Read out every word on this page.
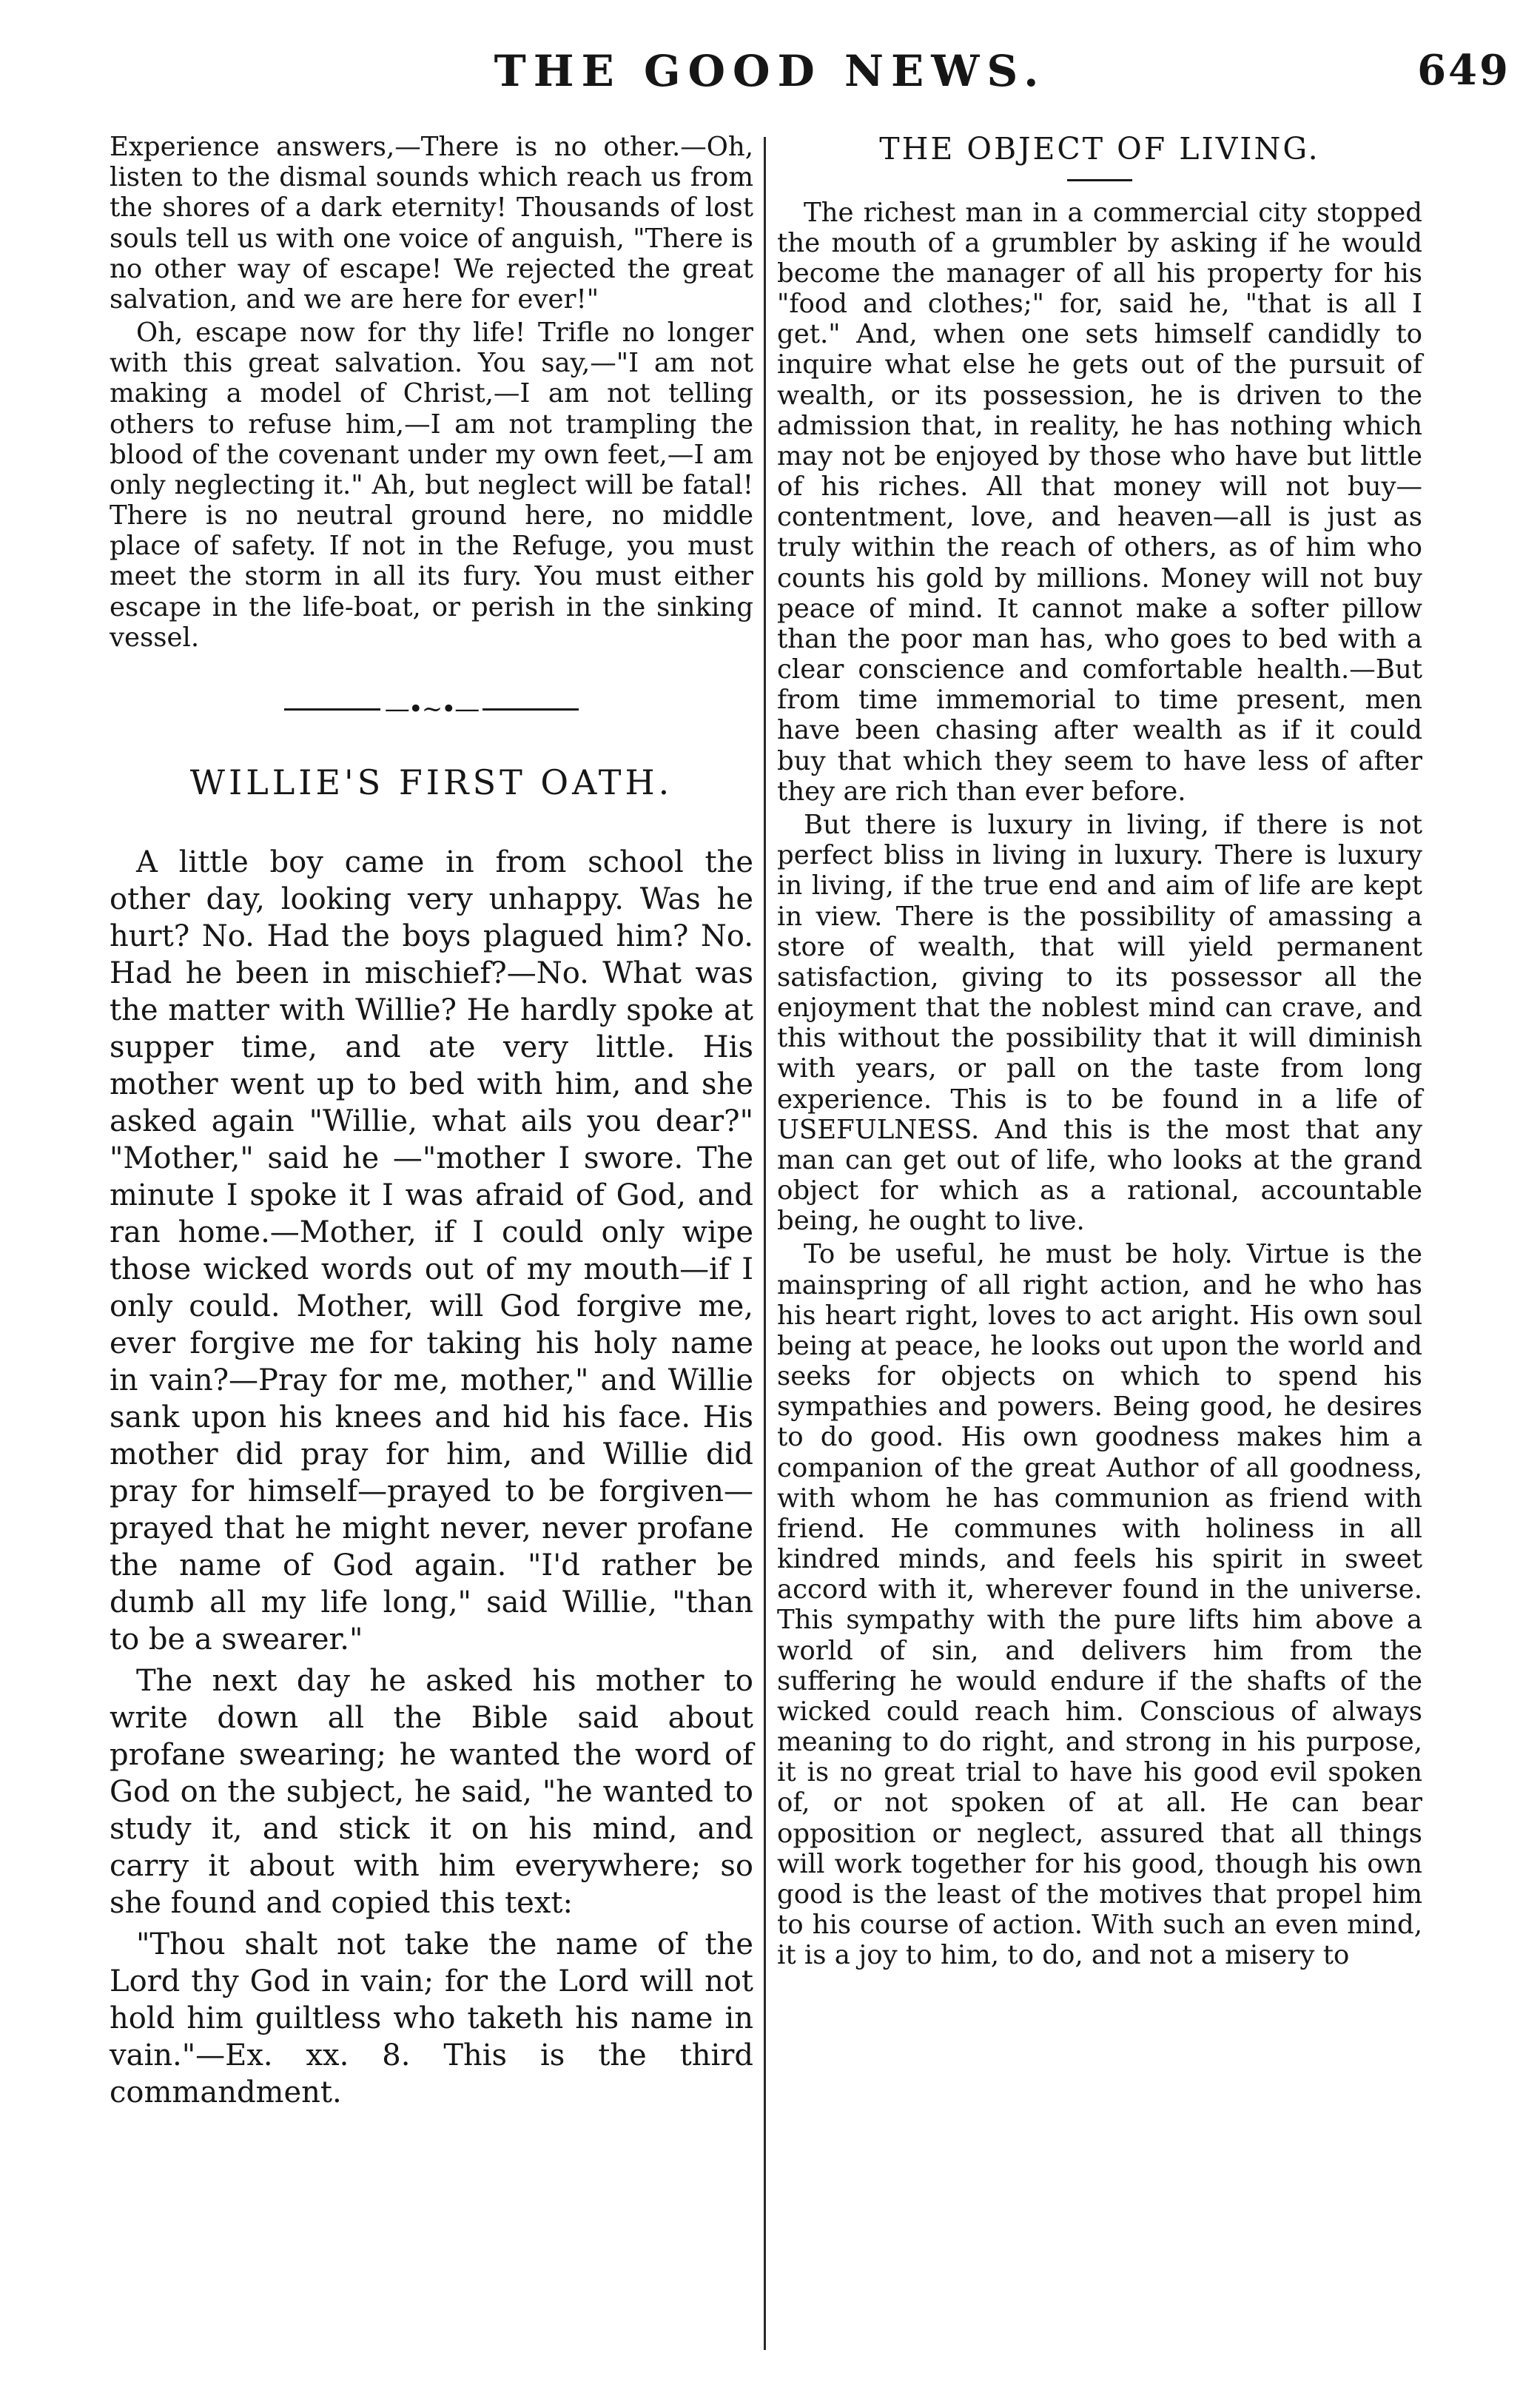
THE GOOD NEWS.	649

Experience answers,—There is no other.—Oh, listen to the dismal sounds which reach us from the shores of a dark eternity! Thousands of lost souls tell us with one voice of anguish, "There is no other way of escape! We rejected the great salvation, and we are here for ever!"

Oh, escape now for thy life! Trifle no longer with this great salvation. You say,—"I am not making a model of Christ,—I am not telling others to refuse him,—I am not trampling the blood of the covenant under my own feet,—I am only neglecting it." Ah, but neglect will be fatal! There is no neutral ground here, no middle place of safety. If not in the Refuge, you must meet the storm in all its fury. You must either escape in the life-boat, or perish in the sinking vessel.

—•~•—
WILLIE'S FIRST OATH.

A little boy came in from school the other day, looking very unhappy. Was he hurt? No. Had the boys plagued him? No. Had he been in mischief?—No. What was the matter with Willie? He hardly spoke at supper time, and ate very little. His mother went up to bed with him, and she asked again "Willie, what ails you dear?" "Mother," said he —"mother I swore. The minute I spoke it I was afraid of God, and ran home.—Mother, if I could only wipe those wicked words out of my mouth—if I only could. Mother, will God forgive me, ever forgive me for taking his holy name in vain?—Pray for me, mother," and Willie sank upon his knees and hid his face. His mother did pray for him, and Willie did pray for himself—prayed to be forgiven—prayed that he might never, never profane the name of God again. "I'd rather be dumb all my life long," said Willie, "than to be a swearer."

The next day he asked his mother to write down all the Bible said about profane swearing; he wanted the word of God on the subject, he said, "he wanted to study it, and stick it on his mind, and carry it about with him everywhere; so she found and copied this text:

"Thou shalt not take the name of the Lord thy God in vain; for the Lord will not hold him guiltless who taketh his name in vain."—Ex. xx. 8. This is the third commandment.

THE OBJECT OF LIVING.

The richest man in a commercial city stopped the mouth of a grumbler by asking if he would become the manager of all his property for his "food and clothes;" for, said he, "that is all I get." And, when one sets himself candidly to inquire what else he gets out of the pursuit of wealth, or its possession, he is driven to the admission that, in reality, he has nothing which may not be enjoyed by those who have but little of his riches. All that money will not buy—contentment, love, and heaven—all is just as truly within the reach of others, as of him who counts his gold by millions. Money will not buy peace of mind. It cannot make a softer pillow than the poor man has, who goes to bed with a clear conscience and comfortable health.—But from time immemorial to time present, men have been chasing after wealth as if it could buy that which they seem to have less of after they are rich than ever before.

But there is luxury in living, if there is not perfect bliss in living in luxury. There is luxury in living, if the true end and aim of life are kept in view. There is the possibility of amassing a store of wealth, that will yield permanent satisfaction, giving to its possessor all the enjoyment that the noblest mind can crave, and this without the possibility that it will diminish with years, or pall on the taste from long experience. This is to be found in a life of USEFULNESS. And this is the most that any man can get out of life, who looks at the grand object for which as a rational, accountable being, he ought to live.

To be useful, he must be holy. Virtue is the mainspring of all right action, and he who has his heart right, loves to act aright. His own soul being at peace, he looks out upon the world and seeks for objects on which to spend his sympathies and powers. Being good, he desires to do good. His own goodness makes him a companion of the great Author of all goodness, with whom he has communion as friend with friend. He communes with holiness in all kindred minds, and feels his spirit in sweet accord with it, wherever found in the universe. This sympathy with the pure lifts him above a world of sin, and delivers him from the suffering he would endure if the shafts of the wicked could reach him. Conscious of always meaning to do right, and strong in his purpose, it is no great trial to have his good evil spoken of, or not spoken of at all. He can bear opposition or neglect, assured that all things will work together for his good, though his own good is the least of the motives that propel him to his course of action. With such an even mind, it is a joy to him, to do, and not a misery to
